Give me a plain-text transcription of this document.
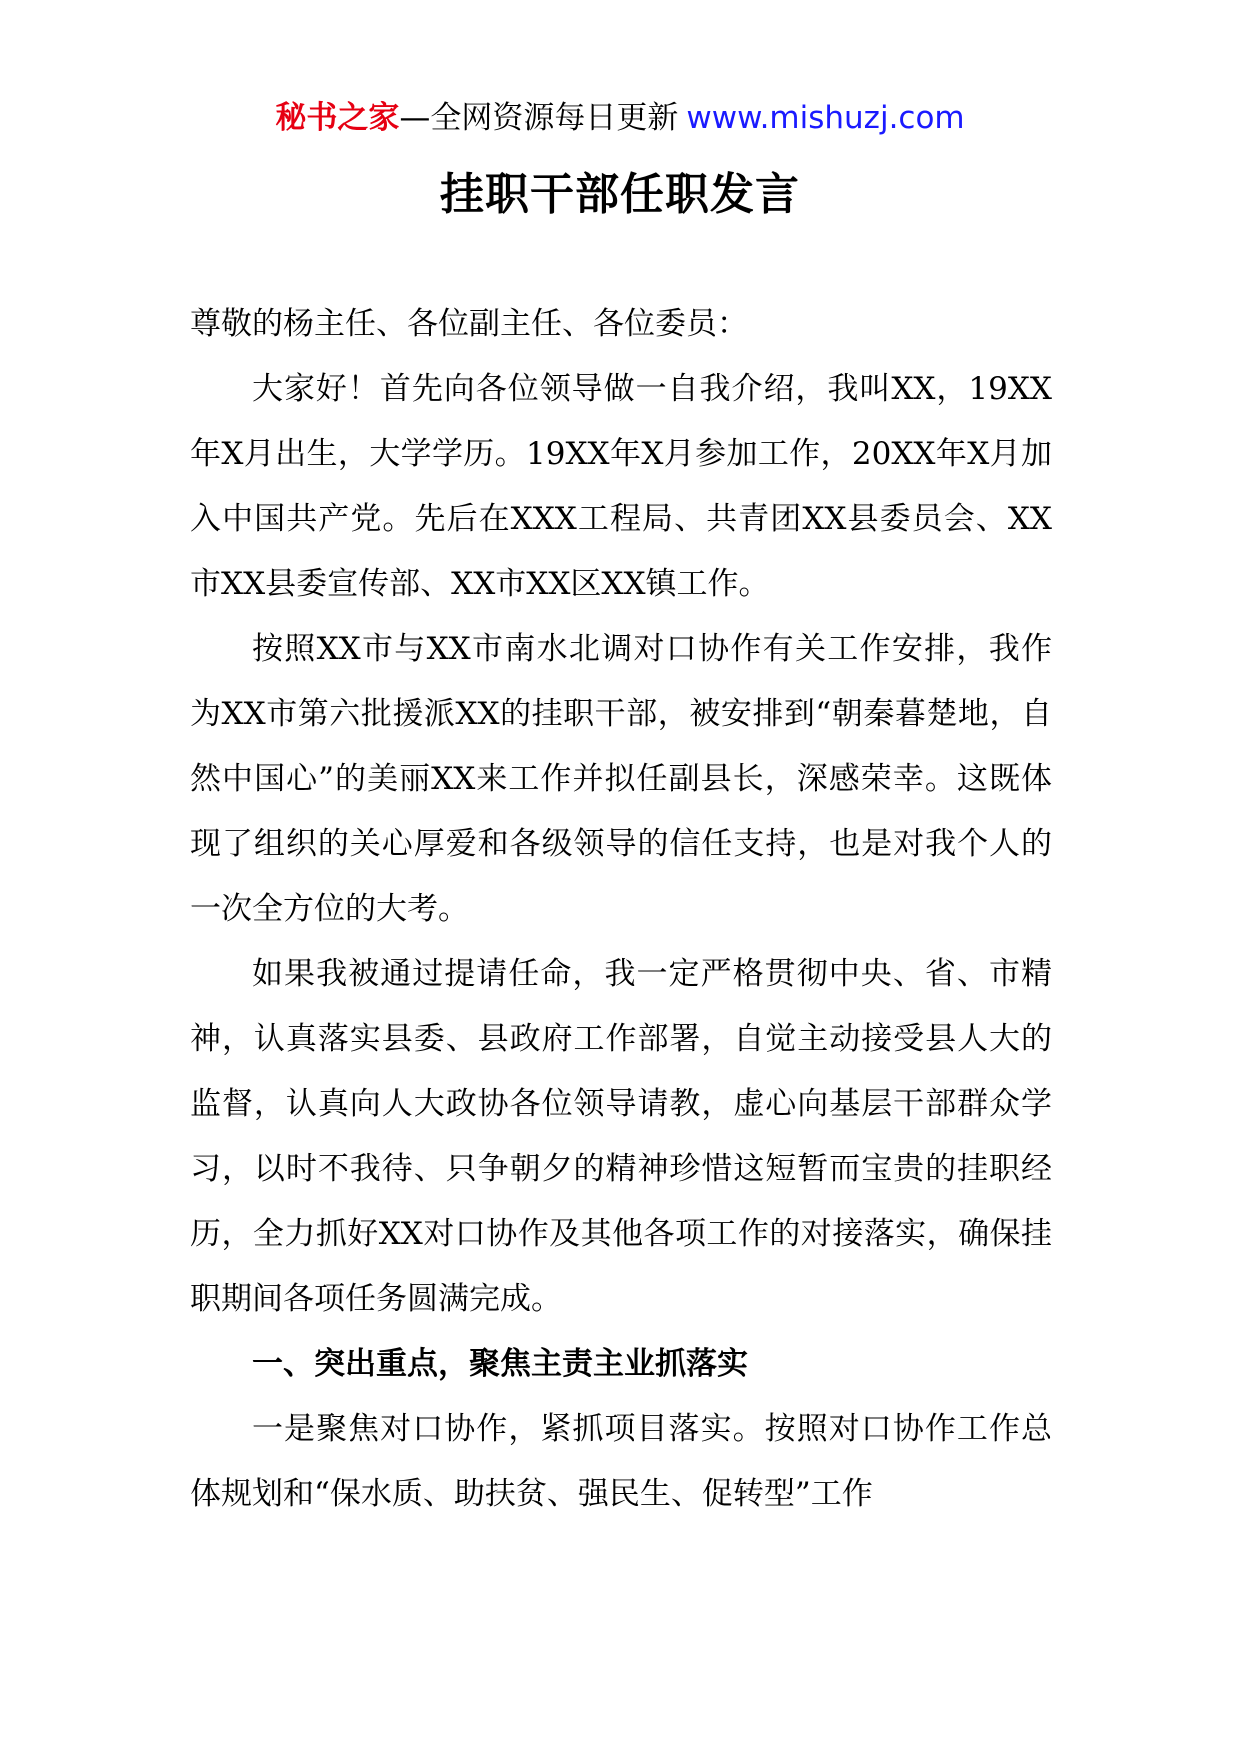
秘书之家—全网资源每日更新 www.mishuzj.com
挂职干部任职发言

尊敬的杨主任、各位副主任、各位委员：

大家好！首先向各位领导做一自我介绍，我叫XX，19XX年X月出生，大学学历。19XX年X月参加工作，20XX年X月加入中国共产党。先后在XXX工程局、共青团XX县委员会、XX市XX县委宣传部、XX市XX区XX镇工作。

按照XX市与XX市南水北调对口协作有关工作安排，我作为XX市第六批援派XX的挂职干部，被安排到“朝秦暮楚地，自然中国心”的美丽XX来工作并拟任副县长，深感荣幸。这既体现了组织的关心厚爱和各级领导的信任支持，也是对我个人的一次全方位的大考。

如果我被通过提请任命，我一定严格贯彻中央、省、市精神，认真落实县委、县政府工作部署，自觉主动接受县人大的监督，认真向人大政协各位领导请教，虚心向基层干部群众学习，以时不我待、只争朝夕的精神珍惜这短暂而宝贵的挂职经历，全力抓好XX对口协作及其他各项工作的对接落实，确保挂职期间各项任务圆满完成。

一、突出重点，聚焦主责主业抓落实

一是聚焦对口协作，紧抓项目落实。按照对口协作工作总体规划和“保水质、助扶贫、强民生、促转型”工作
